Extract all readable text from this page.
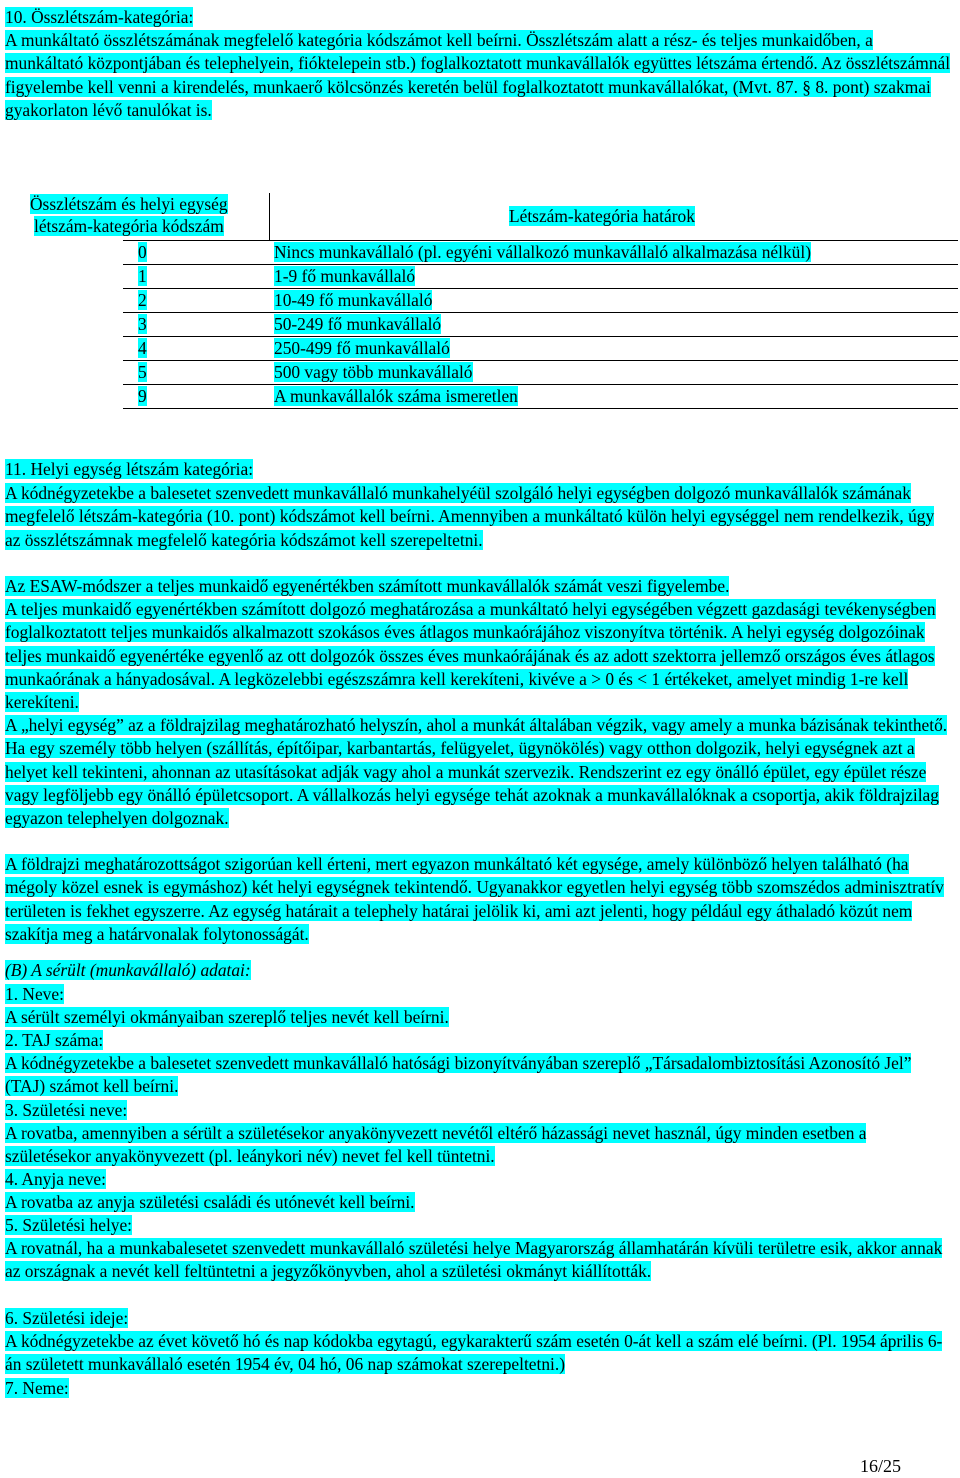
10. Összlétszám-kategória:

A munkáltató összlétszámának megfelelő kategória kódszámot kell beírni. Összlétszám alatt a rész- és teljes munkaidőben, a munkáltató központjában és telephelyein, fióktelepein stb.) foglalkoztatott munkavállalók együttes létszáma értendő. Az összlétszámnál figyelembe kell venni a kirendelés, munkaerő kölcsönzés keretén belül foglalkoztatott munkavállalókat, (Mvt. 87. § 8. pont) szakmai gyakorlaton lévő tanulókat is.

Összlétszám és helyi egység
létszám-kategória kódszám	Létszám-kategória határok
0	Nincs munkavállaló (pl. egyéni vállalkozó munkavállaló alkalmazása nélkül)
1	1-9 fő munkavállaló
2	10-49 fő munkavállaló
3	50-249 fő munkavállaló
4	250-499 fő munkavállaló
5	500 vagy több munkavállaló
9	A munkavállalók száma ismeretlen

11. Helyi egység létszám kategória:

A kódnégyzetekbe a balesetet szenvedett munkavállaló munkahelyéül szolgáló helyi egységben dolgozó munkavállalók számának megfelelő létszám-kategória (10. pont) kódszámot kell beírni. Amennyiben a munkáltató külön helyi egységgel nem rendelkezik, úgy az összlétszámnak megfelelő kategória kódszámot kell szerepeltetni.

Az ESAW-módszer a teljes munkaidő egyenértékben számított munkavállalók számát veszi figyelembe.

A teljes munkaidő egyenértékben számított dolgozó meghatározása a munkáltató helyi egységében végzett gazdasági tevékenységben foglalkoztatott teljes munkaidős alkalmazott szokásos éves átlagos munkaórájához viszonyítva történik. A helyi egység dolgozóinak teljes munkaidő egyenértéke egyenlő az ott dolgozók összes éves munkaórájának és az adott szektorra jellemző országos éves átlagos munkaórának a hányadosával. A legközelebbi egészszámra kell kerekíteni, kivéve a > 0 és < 1 értékeket, amelyet mindig 1-re kell kerekíteni.

A „helyi egység” az a földrajzilag meghatározható helyszín, ahol a munkát általában végzik, vagy amely a munka bázisának tekinthető. Ha egy személy több helyen (szállítás, építőipar, karbantartás, felügyelet, ügynökölés) vagy otthon dolgozik, helyi egységnek azt a helyet kell tekinteni, ahonnan az utasításokat adják vagy ahol a munkát szervezik. Rendszerint ez egy önálló épület, egy épület része vagy legföljebb egy önálló épületcsoport. A vállalkozás helyi egysége tehát azoknak a munkavállalóknak a csoportja, akik földrajzilag egyazon telephelyen dolgoznak.

A földrajzi meghatározottságot szigorúan kell érteni, mert egyazon munkáltató két egysége, amely különböző helyen található (ha mégoly közel esnek is egymáshoz) két helyi egységnek tekintendő. Ugyanakkor egyetlen helyi egység több szomszédos adminisztratív területen is fekhet egyszerre. Az egység határait a telephely határai jelölik ki, ami azt jelenti, hogy például egy áthaladó közút nem szakítja meg a határvonalak folytonosságát.

(B) A sérült (munkavállaló) adatai:

1. Neve:

A sérült személyi okmányaiban szereplő teljes nevét kell beírni.

2. TAJ száma:

A kódnégyzetekbe a balesetet szenvedett munkavállaló hatósági bizonyítványában szereplő „Társadalombiztosítási Azonosító Jel” (TAJ) számot kell beírni.

3. Születési neve:

A rovatba, amennyiben a sérült a születésekor anyakönyvezett nevétől eltérő házassági nevet használ, úgy minden esetben a születésekor anyakönyvezett (pl. leánykori név) nevet fel kell tüntetni.

4. Anyja neve:

A rovatba az anyja születési családi és utónevét kell beírni.

5. Születési helye:

A rovatnál, ha a munkabalesetet szenvedett munkavállaló születési helye Magyarország államhatárán kívüli területre esik, akkor annak az országnak a nevét kell feltüntetni a jegyzőkönyvben, ahol a születési okmányt kiállították.

6. Születési ideje:

A kódnégyzetekbe az évet követő hó és nap kódokba egytagú, egykarakterű szám esetén 0-át kell a szám elé beírni. (Pl. 1954 április 6-án született munkavállaló esetén 1954 év, 04 hó, 06 nap számokat szerepeltetni.)

7. Neme:

16/25
